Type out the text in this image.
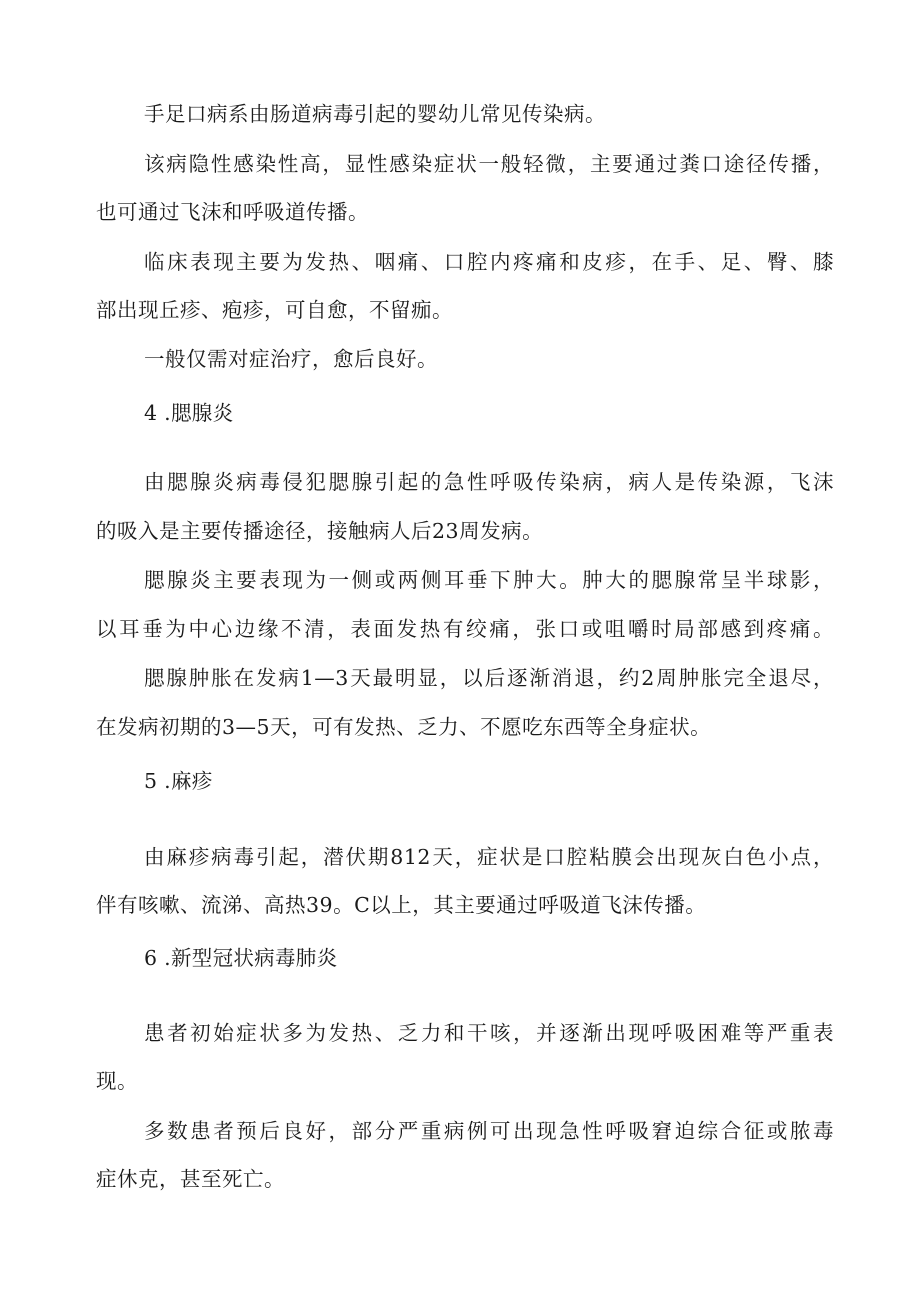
手足口病系由肠道病毒引起的婴幼儿常见传染病。
该病隐性感染性高，显性感染症状一般轻微，主要通过粪口途径传播，
也可通过飞沫和呼吸道传播。
临床表现主要为发热、咽痛、口腔内疼痛和皮疹，在手、足、臀、膝
部出现丘疹、疱疹，可自愈，不留痂。
一般仅需对症治疗，愈后良好。
4 .腮腺炎
由腮腺炎病毒侵犯腮腺引起的急性呼吸传染病，病人是传染源，飞沫
的吸入是主要传播途径，接触病人后23周发病。
腮腺炎主要表现为一侧或两侧耳垂下肿大。肿大的腮腺常呈半球影，
以耳垂为中心边缘不清，表面发热有绞痛，张口或咀嚼时局部感到疼痛。
腮腺肿胀在发病1—3天最明显，以后逐渐消退，约2周肿胀完全退尽，
在发病初期的3—5天，可有发热、乏力、不愿吃东西等全身症状。
5 .麻疹
由麻疹病毒引起，潜伏期812天，症状是口腔粘膜会出现灰白色小点，
伴有咳嗽、流涕、高热39。C以上，其主要通过呼吸道飞沫传播。
6 .新型冠状病毒肺炎
患者初始症状多为发热、乏力和干咳，并逐渐出现呼吸困难等严重表
现。
多数患者预后良好，部分严重病例可出现急性呼吸窘迫综合征或脓毒
症休克，甚至死亡。
